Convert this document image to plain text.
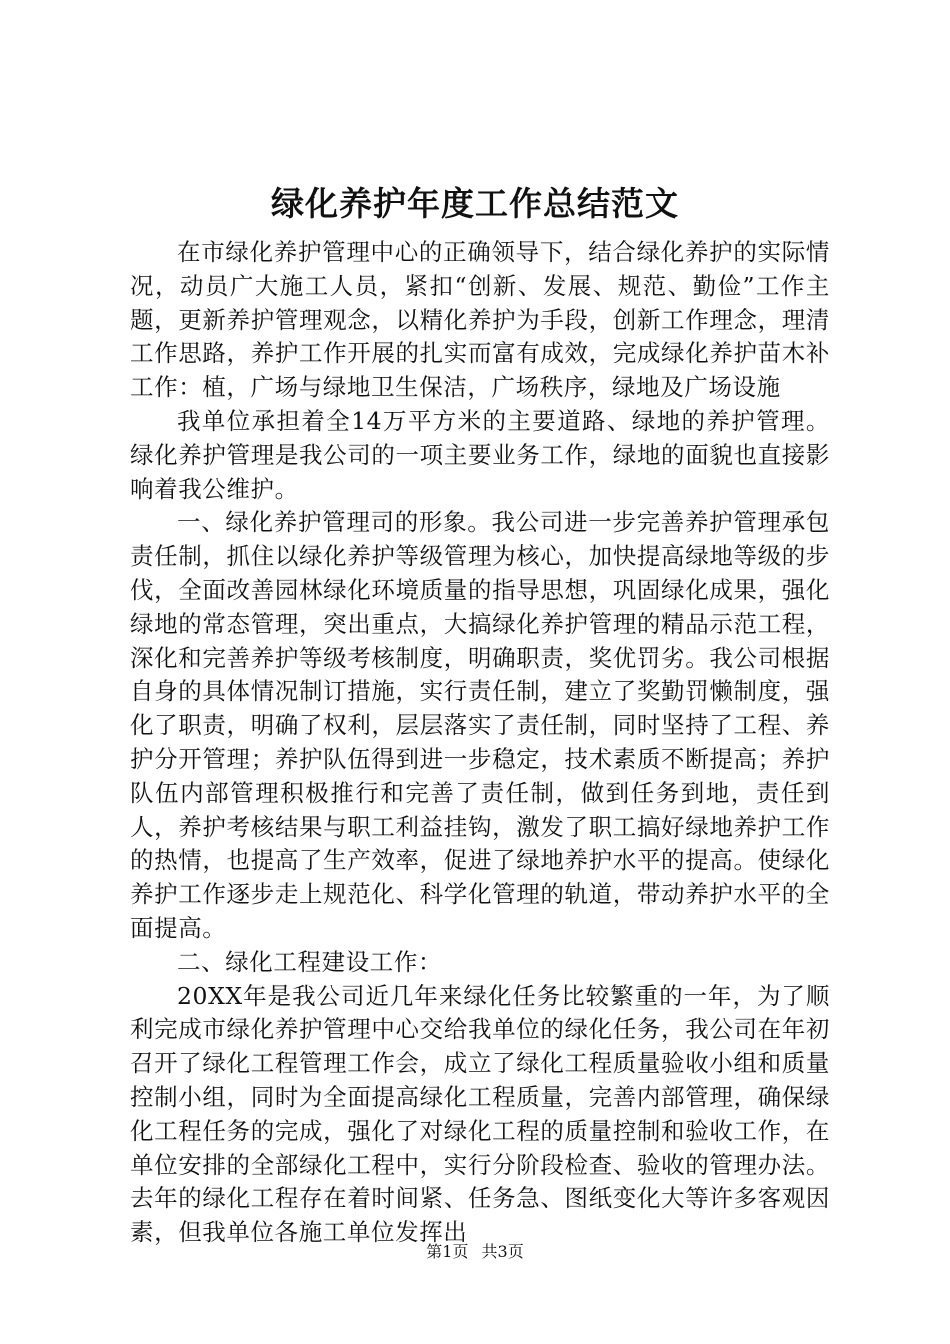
绿化养护年度工作总结范文

在市绿化养护管理中心的正确领导下，结合绿化养护的实际情况，动员广大施工人员，紧扣“创新、发展、规范、勤俭”工作主题，更新养护管理观念，以精化养护为手段，创新工作理念，理清工作思路，养护工作开展的扎实而富有成效，完成绿化养护苗木补工作：植，广场与绿地卫生保洁，广场秩序，绿地及广场设施

我单位承担着全14万平方米的主要道路、绿地的养护管理。绿化养护管理是我公司的一项主要业务工作，绿地的面貌也直接影响着我公维护。

一、绿化养护管理司的形象。我公司进一步完善养护管理承包责任制，抓住以绿化养护等级管理为核心，加快提高绿地等级的步伐，全面改善园林绿化环境质量的指导思想，巩固绿化成果，强化绿地的常态管理，突出重点，大搞绿化养护管理的精品示范工程，深化和完善养护等级考核制度，明确职责，奖优罚劣。我公司根据自身的具体情况制订措施，实行责任制，建立了奖勤罚懒制度，强化了职责，明确了权利，层层落实了责任制，同时坚持了工程、养护分开管理；养护队伍得到进一步稳定，技术素质不断提高；养护队伍内部管理积极推行和完善了责任制，做到任务到地，责任到人，养护考核结果与职工利益挂钩，激发了职工搞好绿地养护工作的热情，也提高了生产效率，促进了绿地养护水平的提高。使绿化养护工作逐步走上规范化、科学化管理的轨道，带动养护水平的全面提高。

二、绿化工程建设工作：

20XX年是我公司近几年来绿化任务比较繁重的一年，为了顺利完成市绿化养护管理中心交给我单位的绿化任务，我公司在年初召开了绿化工程管理工作会，成立了绿化工程质量验收小组和质量控制小组，同时为全面提高绿化工程质量，完善内部管理，确保绿化工程任务的完成，强化了对绿化工程的质量控制和验收工作，在单位安排的全部绿化工程中，实行分阶段检查、验收的管理办法。去年的绿化工程存在着时间紧、任务急、图纸变化大等许多客观因素，但我单位各施工单位发挥出

第1页 共3页
